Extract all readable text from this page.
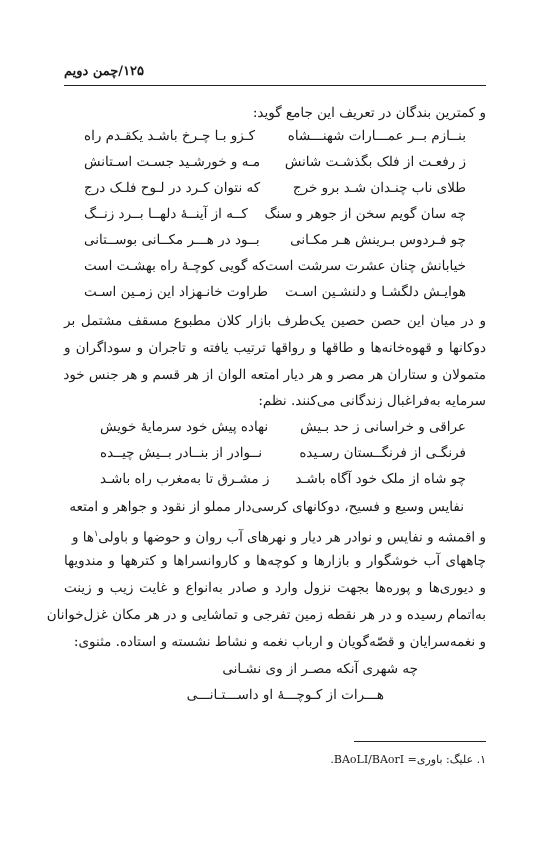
۱۲۵/چمن دویم
و کمترین بندگان در تعریف این جامع گوید:
بنــازم بــر عمـــارات شهنـــشاه
کـزو بـا چـرخ باشـد یکقـدم راه
ز رفعـت از فلک بگذشـت شانش
مـه و خورشـید جسـت اسـتانش
طلای ناب چنـدان شـد برو خرج
که نتوان کـرد در لـوح فلـک درج
چه سان گویم سخن از جوهر و سنگ
کــه از آینــهٔ دلهــا بــرد زنــگ
چو فـردوس بـرینش هـر مکـانی
بــود در هـــر مکــانی بوســتانی
خیابانش چنان عشرت سرشت است
که گویی کوچـهٔ راه بهشـت است
هوایـش دلگشـا و دلنشـین اسـت
طراوت خانـهزاد این زمـین اسـت
و در میان این حصن حصین یک‌طرف بازار کلان مطبوع مسقف مشتمل بر
دوکانها و قهوه‌خانه‌ها و طاقها و رواقها ترتیب یافته و تاجران و سوداگران و
متمولان و ستاران هر مصر و هر دیار امتعه الوان از هر قسم و هر جنس خود
سرمایه به‌فراغبال زندگانی می‌کنند. نظم:
عراقی و خراسانی ز حد بـیش
نهاده پیش خود سرمایهٔ خویش
فرنگـی از فرنگــستان رسـیده
نــوادر از بنــادر بــیش چیــده
چو شاه از ملک خود آگاه باشـد
ز مشـرق تا به‌مغرب راه باشـد
نفایس وسیع و فسیح، دوکانهای کرسی‌دار مملو از نقود و جواهر و امتعه
و اقمشه و نفایس و نوادر هر دیار و نهرهای آب روان و حوضها و باولی$^۱$ها و
چاههای آب خوشگوار و بازارها و کوچه‌ها و کاروانسراها و کترهها و مندویها
و دیوری‌ها و پوره‌ها بجهت نزول وارد و صادر به‌انواع و غایت زیب و زینت
به‌اتمام رسیده و در هر نقطه زمین تفرجی و تماشایی و در هر مکان غزل‌خوانان
و نغمه‌سرایان و قصّه‌گویان و ارباب نغمه و نشاط نشسته و استاده. مثنوی:
چه شهری آنکه مصـر از وی نشـانی
هـــرات از کـوچـــهٔ او داســـتـانـــی
۱. علیگ: باوری= BAoLI/BAorI.
